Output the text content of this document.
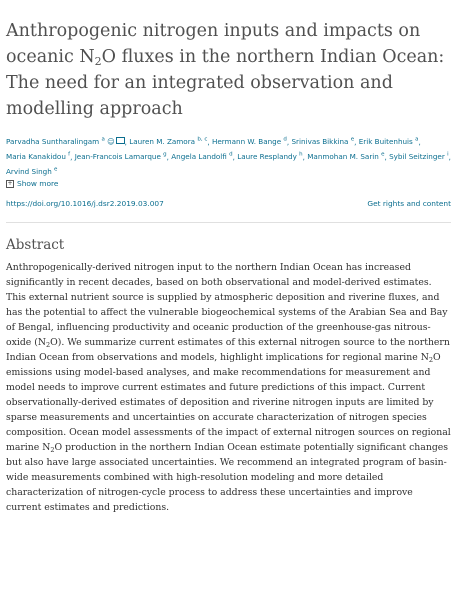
Anthropogenic nitrogen inputs and impacts on oceanic $N_2O$ fluxes in the northern Indian Ocean: The need for an integrated observation and modelling approach
Parvadha Suntharalingam $^a$ ☺ , Lauren M. Zamora $^{b, c}$, Hermann W. Bange $^d$, Srinivas Bikkina $^e$, Erik Buitenhuis $^a$, Maria Kanakidou $^f$, Jean-Francois Lamarque $^g$, Angela Landolfi $^d$, Laure Resplandy $^h$, Manmohan M. Sarin $^e$, Sybil Seitzinger $^i$, Arvind Singh $^e$
+ Show more
https://doi.org/10.1016/j.dsr2.2019.03.007	Get rights and content
Abstract
Anthropogenically-derived nitrogen input to the northern Indian Ocean has increased significantly in recent decades, based on both observational and model-derived estimates. This external nutrient source is supplied by atmospheric deposition and riverine fluxes, and has the potential to affect the vulnerable biogeochemical systems of the Arabian Sea and Bay of Bengal, influencing productivity and oceanic production of the greenhouse-gas nitrous-oxide $(N_2O)$. We summarize current estimates of this external nitrogen source to the northern Indian Ocean from observations and models, highlight implications for regional marine $N_2O$ emissions using model-based analyses, and make recommendations for measurement and model needs to improve current estimates and future predictions of this impact. Current observationally-derived estimates of deposition and riverine nitrogen inputs are limited by sparse measurements and uncertainties on accurate characterization of nitrogen species composition. Ocean model assessments of the impact of external nitrogen sources on regional marine $N_2O$ production in the northern Indian Ocean estimate potentially significant changes but also have large associated uncertainties. We recommend an integrated program of basin-wide measurements combined with high-resolution modeling and more detailed characterization of nitrogen-cycle process to address these uncertainties and improve current estimates and predictions.
